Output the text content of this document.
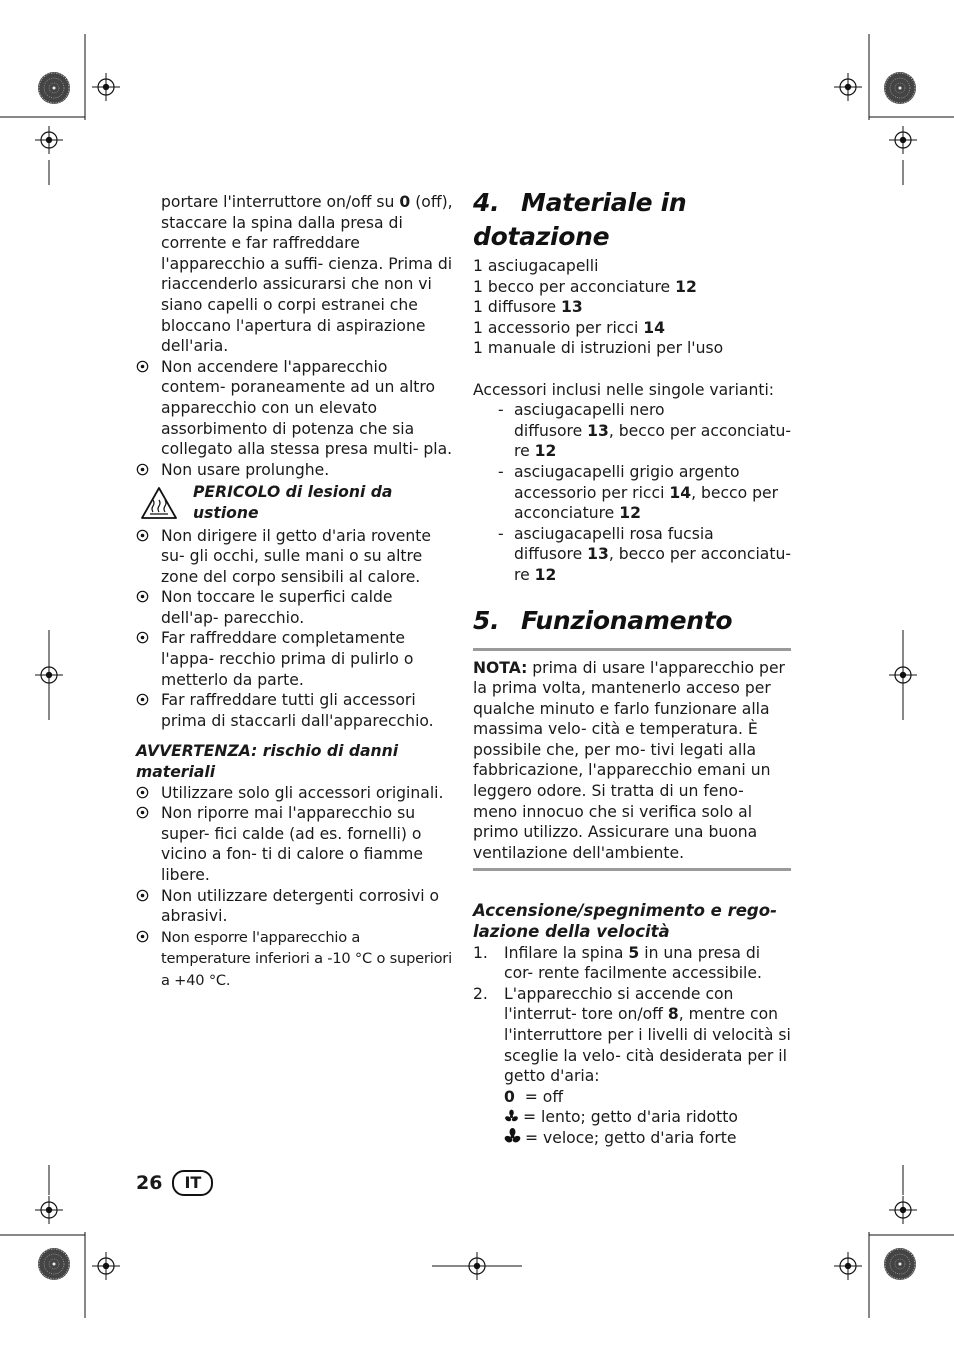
portare l'interruttore on/off su 0 (off), staccare la spina dalla presa di corrente e far raffreddare l'apparecchio a suffi- cienza. Prima di riaccenderlo assicurarsi che non vi siano capelli o corpi estranei che bloccano l'apertura di aspirazione dell'aria.
Non accendere l'apparecchio contem- poraneamente ad un altro apparecchio con un elevato assorbimento di potenza che sia collegato alla stessa presa multi- pla.
Non usare prolunghe.
PERICOLO di lesioni da ustione
Non dirigere il getto d'aria rovente su- gli occhi, sulle mani o su altre zone del corpo sensibili al calore.
Non toccare le superfici calde dell'ap- parecchio.
Far raffreddare completamente l'appa- recchio prima di pulirlo o metterlo da parte.
Far raffreddare tutti gli accessori prima di staccarli dall'apparecchio.
AVVERTENZA: rischio di danni materiali
Utilizzare solo gli accessori originali.
Non riporre mai l'apparecchio su super- fici calde (ad es. fornelli) o vicino a fon- ti di calore o fiamme libere.
Non utilizzare detergenti corrosivi o abrasivi.
Non esporre l'apparecchio a temperature inferiori a -10 °C o superiori a +40 °C.
4. Materiale in dotazione
1 asciugacapelli
1 becco per acconciature 12
1 diffusore 13
1 accessorio per ricci 14
1 manuale di istruzioni per l'uso
Accessori inclusi nelle singole varianti:
- asciugacapelli nero
diffusore 13, becco per acconciatu-
re 12
- asciugacapelli grigio argento
accessorio per ricci 14, becco per
acconciature 12
- asciugacapelli rosa fucsia
diffusore 13, becco per acconciatu-
re 12
5. Funzionamento
NOTA: prima di usare l'apparecchio per la prima volta, mantenerlo acceso per qualche minuto e farlo funzionare alla massima velo- cità e temperatura. È possibile che, per mo- tivi legati alla fabbricazione, l'apparecchio emani un leggero odore. Si tratta di un feno- meno innocuo che si verifica solo al primo utilizzo. Assicurare una buona ventilazione dell'ambiente.
Accensione/spegnimento e rego- lazione della velocità
1. Infilare la spina 5 in una presa di cor- rente facilmente accessibile.
2. L'apparecchio si accende con l'interrut- tore on/off 8, mentre con l'interruttore per i livelli di velocità si sceglie la velo- cità desiderata per il getto d'aria:
0 = off
= lento; getto d'aria ridotto
= veloce; getto d'aria forte
26	IT
